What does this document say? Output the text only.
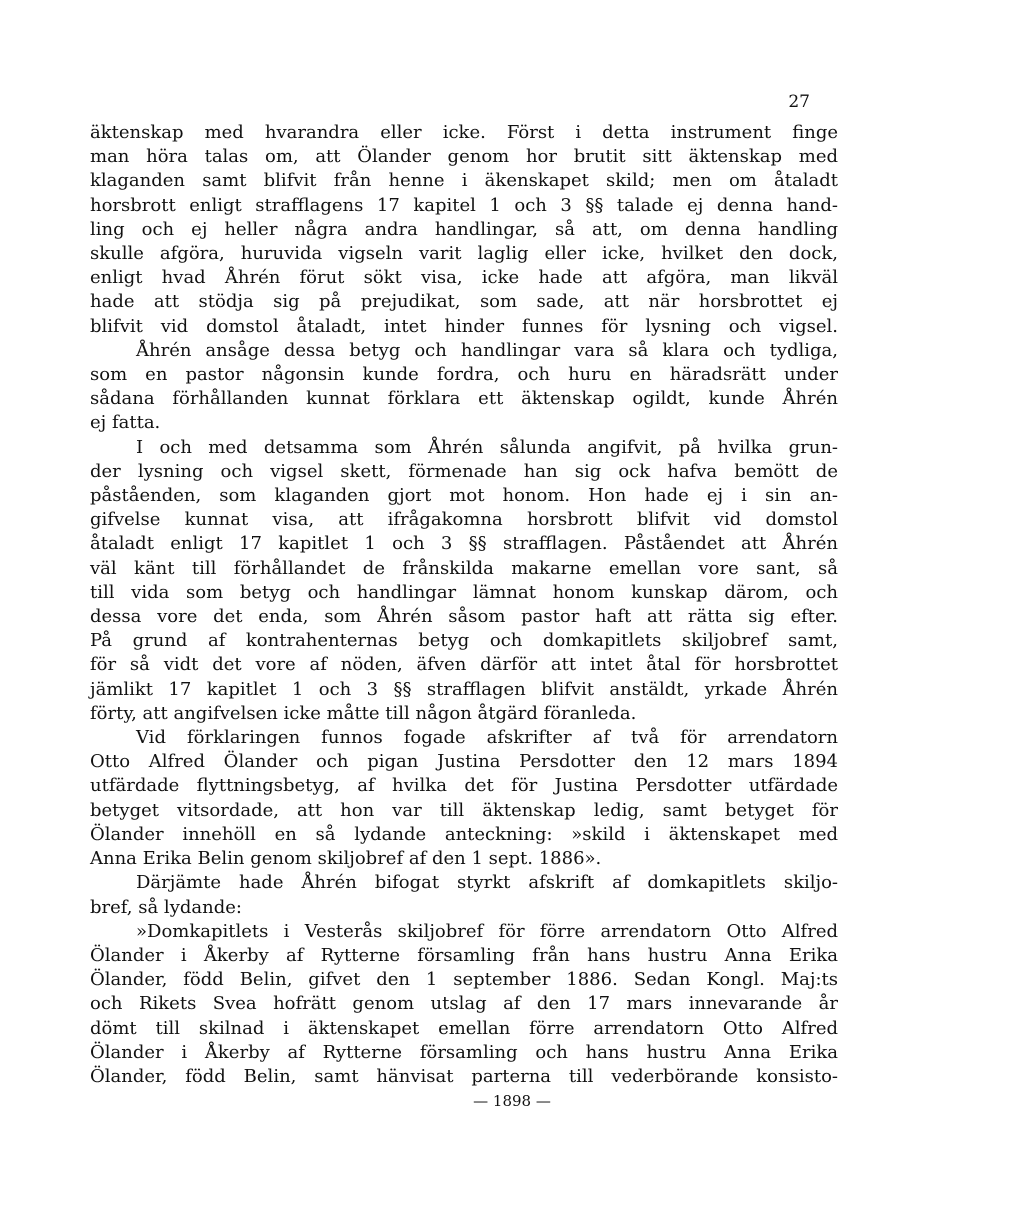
27

äktenskap med hvarandra eller icke. Först i detta instrument finge

man höra talas om, att Ölander genom hor brutit sitt äktenskap med

klaganden samt blifvit från henne i äkenskapet skild; men om åtaladt

horsbrott enligt strafflagens 17 kapitel 1 och 3 §§ talade ej denna hand-

ling och ej heller några andra handlingar, så att, om denna handling

skulle afgöra, huruvida vigseln varit laglig eller icke, hvilket den dock,

enligt hvad Åhrén förut sökt visa, icke hade att afgöra, man likväl

hade att stödja sig på prejudikat, som sade, att när horsbrottet ej

blifvit vid domstol åtaladt, intet hinder funnes för lysning och vigsel.

Åhrén ansåge dessa betyg och handlingar vara så klara och tydliga,

som en pastor någonsin kunde fordra, och huru en häradsrätt under

sådana förhållanden kunnat förklara ett äktenskap ogildt, kunde Åhrén

ej fatta.

I och med detsamma som Åhrén sålunda angifvit, på hvilka grun-

der lysning och vigsel skett, förmenade han sig ock hafva bemött de

påståenden, som klaganden gjort mot honom. Hon hade ej i sin an-

gifvelse kunnat visa, att ifrågakomna horsbrott blifvit vid domstol

åtaladt enligt 17 kapitlet 1 och 3 §§ strafflagen. Påståendet att Åhrén

väl känt till förhållandet de frånskilda makarne emellan vore sant, så

till vida som betyg och handlingar lämnat honom kunskap därom, och

dessa vore det enda, som Åhrén såsom pastor haft att rätta sig efter.

På grund af kontrahenternas betyg och domkapitlets skiljobref samt,

för så vidt det vore af nöden, äfven därför att intet åtal för horsbrottet

jämlikt 17 kapitlet 1 och 3 §§ strafflagen blifvit anstäldt, yrkade Åhrén

förty, att angifvelsen icke måtte till någon åtgärd föranleda.

Vid förklaringen funnos fogade afskrifter af två för arrendatorn

Otto Alfred Ölander och pigan Justina Persdotter den 12 mars 1894

utfärdade flyttningsbetyg, af hvilka det för Justina Persdotter utfärdade

betyget vitsordade, att hon var till äktenskap ledig, samt betyget för

Ölander innehöll en så lydande anteckning: »skild i äktenskapet med

Anna Erika Belin genom skiljobref af den 1 sept. 1886».

Därjämte hade Åhrén bifogat styrkt afskrift af domkapitlets skiljo-

bref, så lydande:

»Domkapitlets i Vesterås skiljobref för förre arrendatorn Otto Alfred

Ölander i Åkerby af Rytterne församling från hans hustru Anna Erika

Ölander, född Belin, gifvet den 1 september 1886. Sedan Kongl. Maj:ts

och Rikets Svea hofrätt genom utslag af den 17 mars innevarande år

dömt till skilnad i äktenskapet emellan förre arrendatorn Otto Alfred

Ölander i Åkerby af Rytterne församling och hans hustru Anna Erika

Ölander, född Belin, samt hänvisat parterna till vederbörande konsisto-

— 1898 —
